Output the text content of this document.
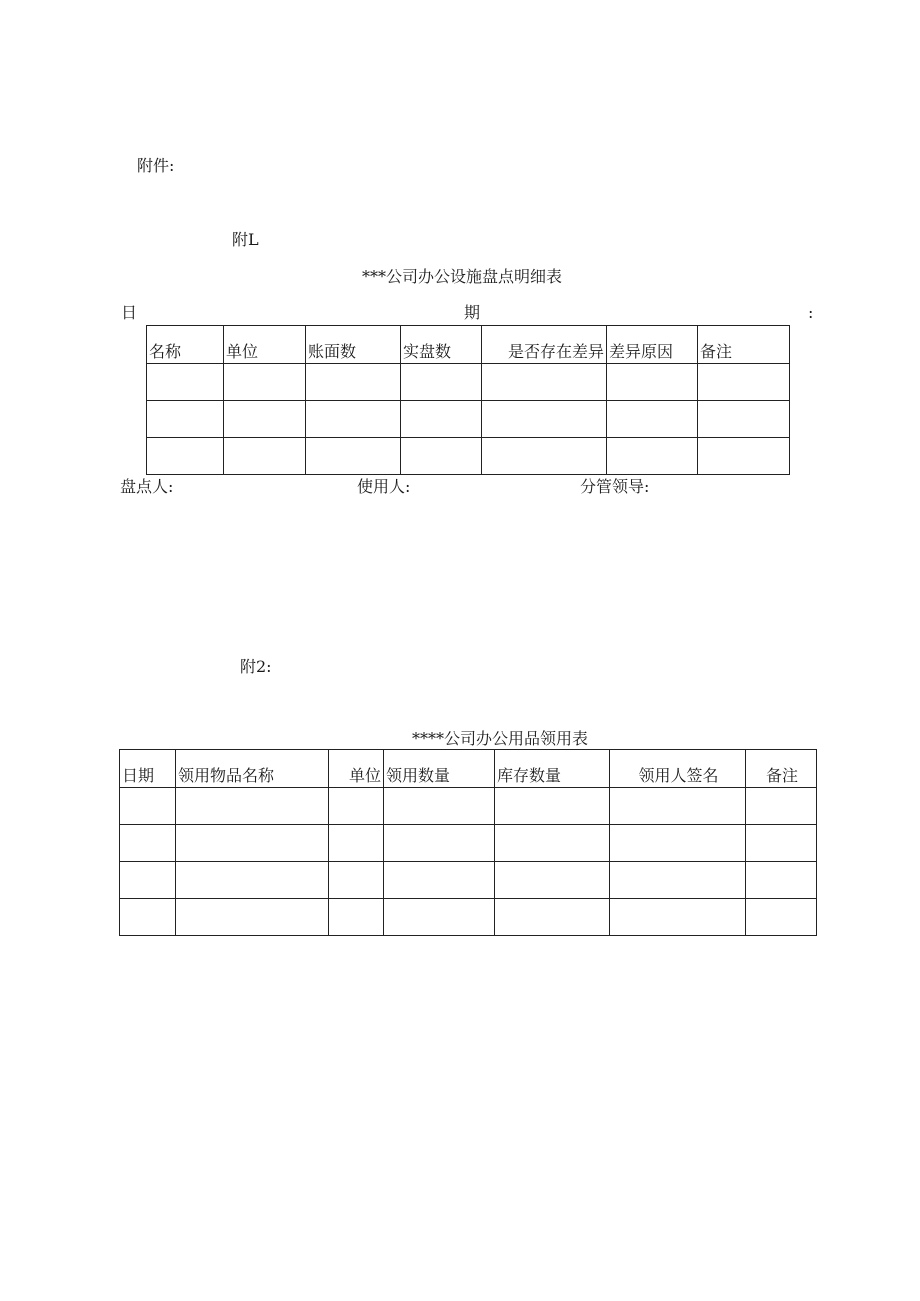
附件:
附L
***公司办公设施盘点明细表
日	期	:
名称	单位	账面数	实盘数	是否存在差异	差异原因	备注

盘点人:	使用人:	分管领导:
附2:
****公司办公用品领用表
日期	领用物品名称	单位	领用数量	库存数量	领用人签名	备注
